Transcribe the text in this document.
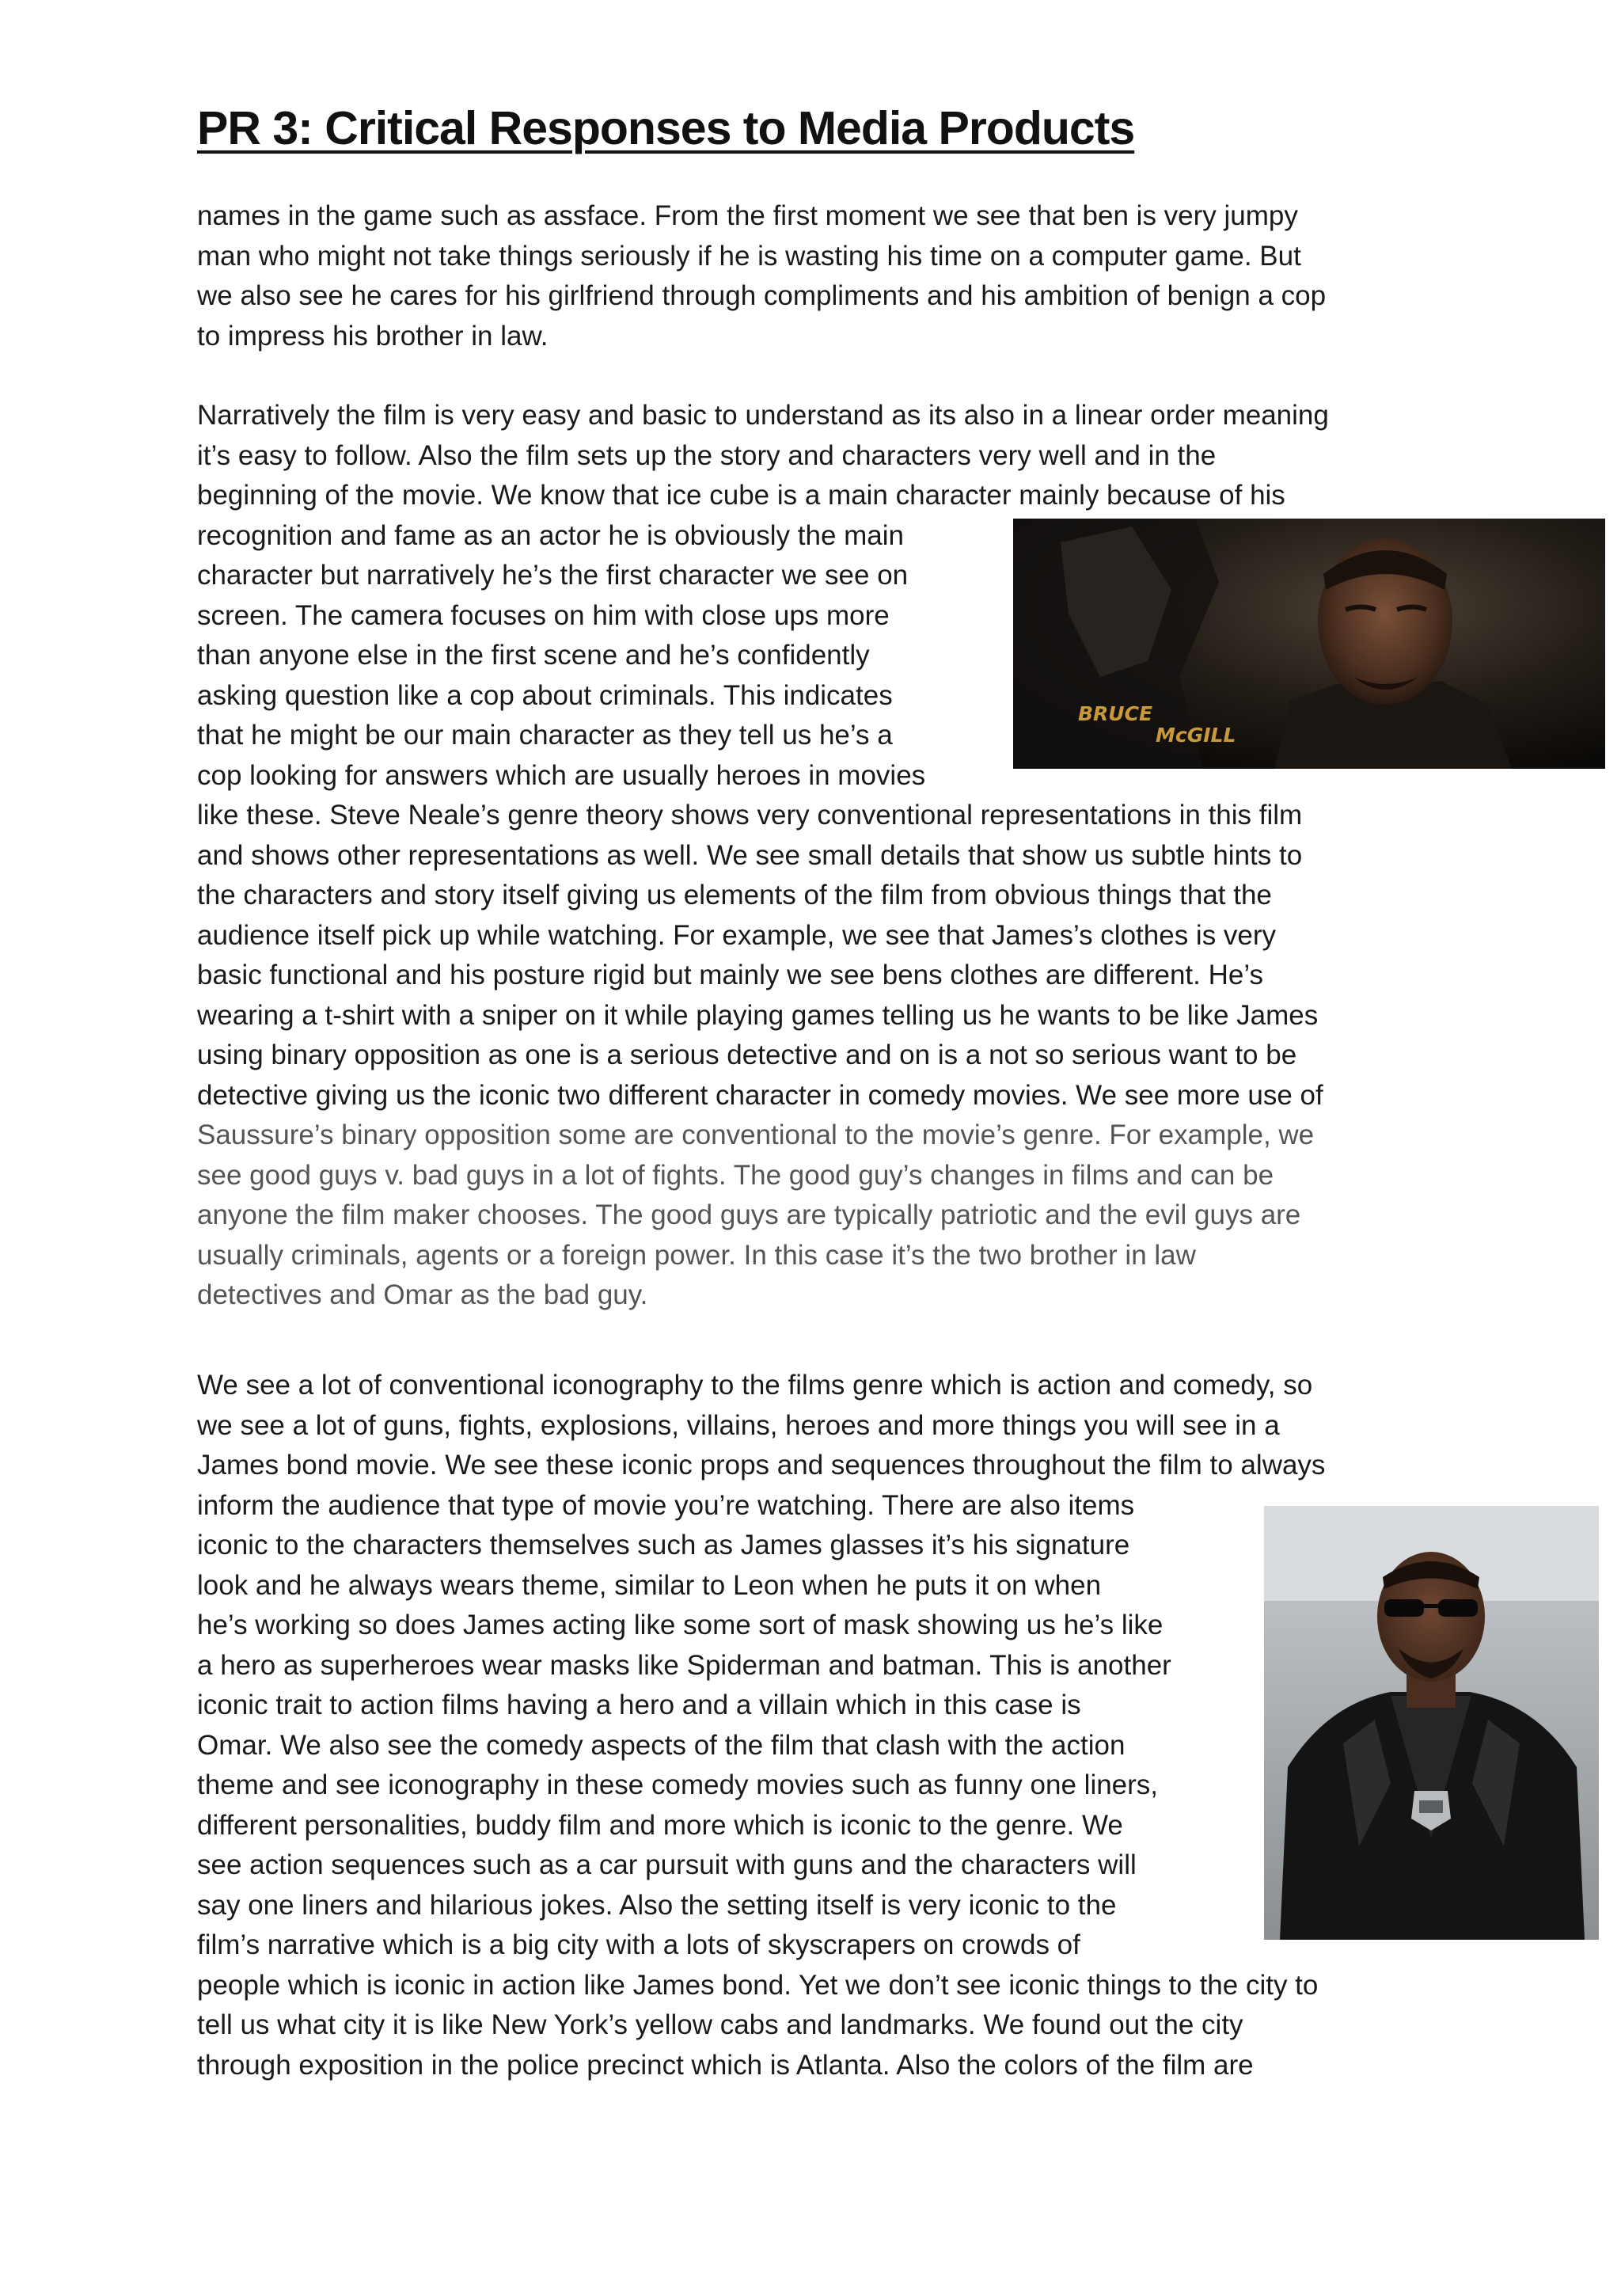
PR 3: Critical Responses to Media Products
names in the game such as assface. From the first moment we see that ben is very jumpy
man who might not take things seriously if he is wasting his time on a computer game. But
we also see he cares for his girlfriend through compliments and his ambition of benign a cop
to impress his brother in law.
Narratively the film is very easy and basic to understand as its also in a linear order meaning
it’s easy to follow. Also the film sets up the story and characters very well and in the
beginning of the movie. We know that ice cube is a main character mainly because of his
recognition and fame as an actor he is obviously the main
character but narratively he’s the first character we see on
screen. The camera focuses on him with close ups more
than anyone else in the first scene and he’s confidently
asking question like a cop about criminals. This indicates
that he might be our main character as they tell us he’s a
cop looking for answers which are usually heroes in movies
like these. Steve Neale’s genre theory shows very conventional representations in this film
and shows other representations as well. We see small details that show us subtle hints to
the characters and story itself giving us elements of the film from obvious things that the
audience itself pick up while watching. For example, we see that James’s clothes is very
basic functional and his posture rigid but mainly we see bens clothes are different. He’s
wearing a t-shirt with a sniper on it while playing games telling us he wants to be like James
using binary opposition as one is a serious detective and on is a not so serious want to be
detective giving us the iconic two different character in comedy movies. We see more use of
Saussure’s binary opposition some are conventional to the movie’s genre. For example, we
see good guys v. bad guys in a lot of fights. The good guy’s changes in films and can be
anyone the film maker chooses. The good guys are typically patriotic and the evil guys are
usually criminals, agents or a foreign power. In this case it’s the two brother in law
detectives and Omar as the bad guy.
We see a lot of conventional iconography to the films genre which is action and comedy, so
we see a lot of guns, fights, explosions, villains, heroes and more things you will see in a
James bond movie. We see these iconic props and sequences throughout the film to always
inform the audience that type of movie you’re watching. There are also items
iconic to the characters themselves such as James glasses it’s his signature
look and he always wears theme, similar to Leon when he puts it on when
he’s working so does James acting like some sort of mask showing us he’s like
a hero as superheroes wear masks like Spiderman and batman. This is another
iconic trait to action films having a hero and a villain which in this case is
Omar. We also see the comedy aspects of the film that clash with the action
theme and see iconography in these comedy movies such as funny one liners,
different personalities, buddy film and more which is iconic to the genre. We
see action sequences such as a car pursuit with guns and the characters will
say one liners and hilarious jokes. Also the setting itself is very iconic to the
film’s narrative which is a big city with a lots of skyscrapers on crowds of
people which is iconic in action like James bond. Yet we don’t see iconic things to the city to
tell us what city it is like New York’s yellow cabs and landmarks. We found out the city
through exposition in the police precinct which is Atlanta. Also the colors of the film are
BRUCE
McGILL
